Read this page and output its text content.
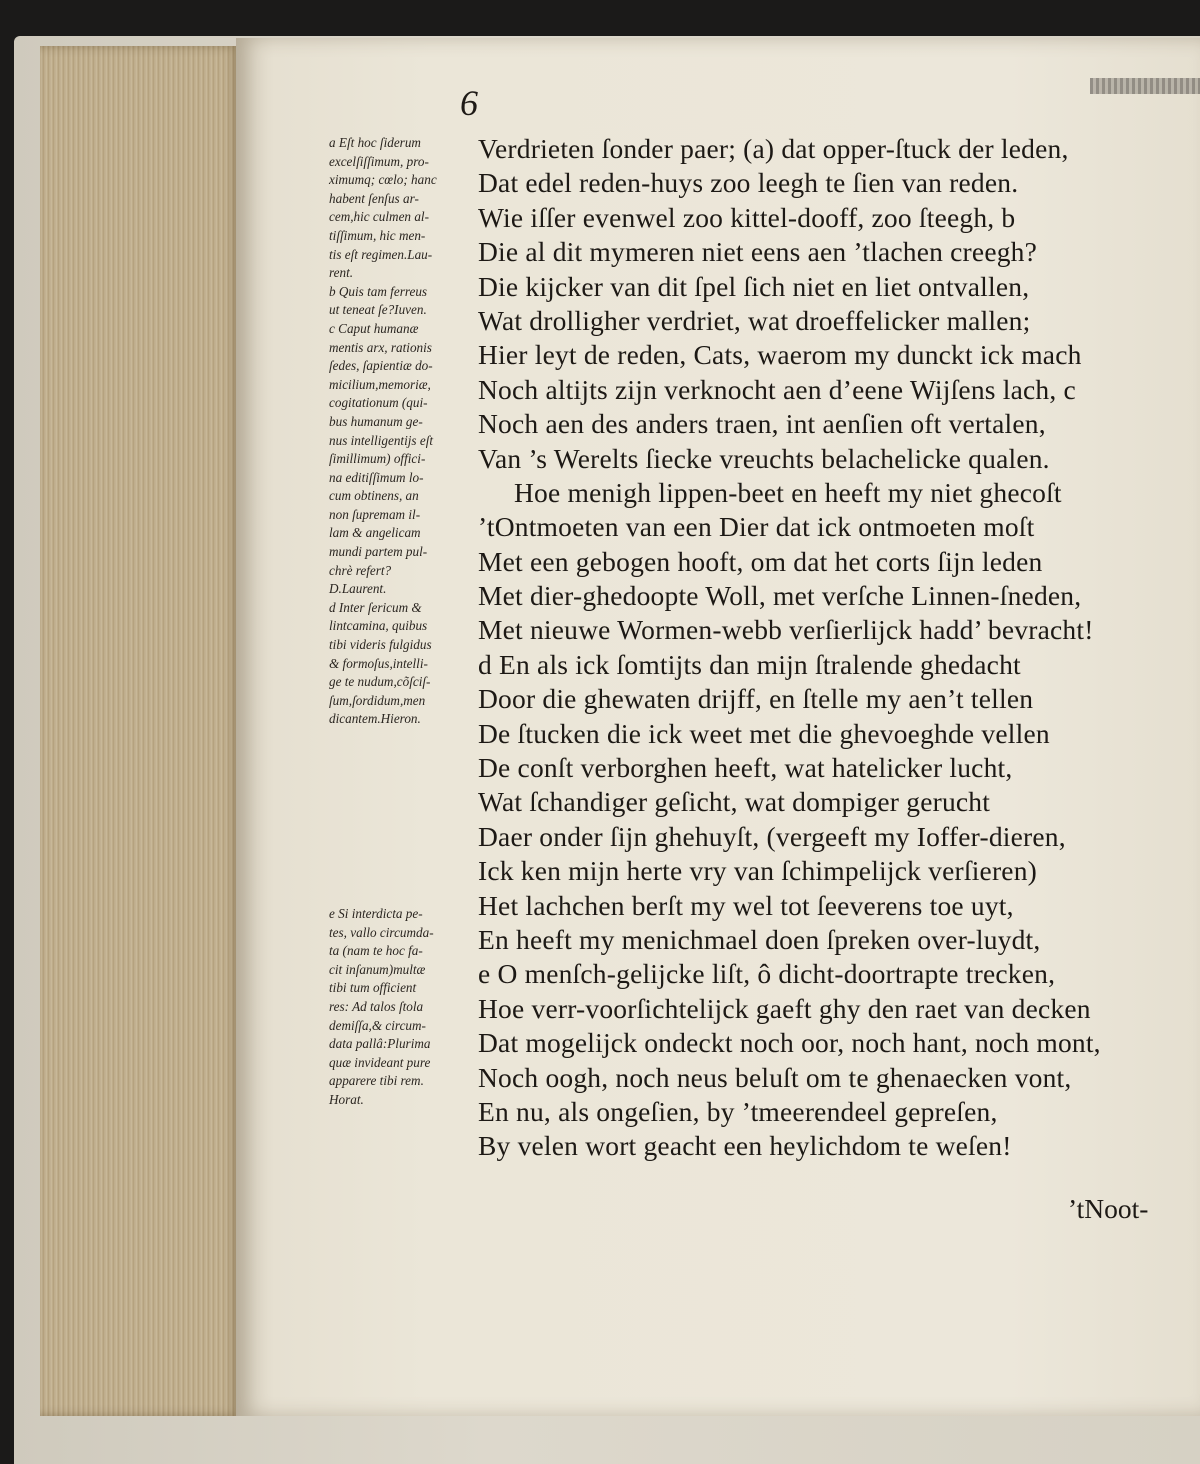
6
a Eſt hoc ſiderum
excelſiſſimum, pro-
ximumq; cœlo; hanc
habent ſenſus ar-
cem,hic culmen al-
tiſſimum, hic men-
tis eſt regimen.Lau-
rent.
b Quis tam ferreus
ut teneat ſe?Iuven.
c Caput humanæ
mentis arx, rationis
ſedes, ſapientiæ do-
micilium,memoriæ,
cogitationum (qui-
bus humanum ge-
nus intelligentijs eſt
ſimillimum) offici-
na editiſſimum lo-
cum obtinens, an
non ſupremam il-
lam & angelicam
mundi partem pul-
chrè refert?
D.Laurent.
d Inter ſericum &
lintcamina, quibus
tibi videris fulgidus
& formoſus,intelli-
ge te nudum,cõſciſ-
ſum,ſordidum,men
dicantem.Hieron.
e Si interdicta pe-
tes, vallo circumda-
ta (nam te hoc fa-
cit inſanum)multæ
tibi tum officient
res: Ad talos ſtola
demiſſa,& circum-
data pallâ:Plurima
quæ invideant pure
apparere tibi rem.
Horat.
Verdrieten ſonder paer; (a) dat opper-ſtuck der leden,
Dat edel reden-huys zoo leegh te ſien van reden.
Wie iſſer evenwel zoo kittel-dooff, zoo ſteegh, b
Die al dit mymeren niet eens aen ’tlachen creegh?
Die kijcker van dit ſpel ſich niet en liet ontvallen,
Wat drolligher verdriet, wat droeffelicker mallen;
Hier leyt de reden, Cats, waerom my dunckt ick mach
Noch altijts zijn verknocht aen d’eene Wijſens lach, c
Noch aen des anders traen, int aenſien oft vertalen,
Van ’s Werelts ſiecke vreuchts belachelicke qualen.
Hoe menigh lippen-beet en heeft my niet ghecoſt
’tOntmoeten van een Dier dat ick ontmoeten moſt
Met een gebogen hooft, om dat het corts ſijn leden
Met dier-ghedoopte Woll, met verſche Linnen-ſneden,
Met nieuwe Wormen-webb verſierlijck hadd’ bevracht!
d En als ick ſomtijts dan mijn ſtralende ghedacht
Door die ghewaten drijff, en ſtelle my aen’t tellen
De ſtucken die ick weet met die ghevoeghde vellen
De conſt verborghen heeft, wat hatelicker lucht,
Wat ſchandiger geſicht, wat dompiger gerucht
Daer onder ſijn ghehuyſt, (vergeeft my Ioffer-dieren,
Ick ken mijn herte vry van ſchimpelijck verſieren)
Het lachchen berſt my wel tot ſeeverens toe uyt,
En heeft my menichmael doen ſpreken over-luydt,
e O menſch-gelijcke liſt, ô dicht-doortrapte trecken,
Hoe verr-voorſichtelijck gaeft ghy den raet van decken
Dat mogelijck ondeckt noch oor, noch hant, noch mont,
Noch oogh, noch neus beluſt om te ghenaecken vont,
En nu, als ongeſien, by ’tmeerendeel gepreſen,
By velen wort geacht een heylichdom te weſen!
’tNoot-
